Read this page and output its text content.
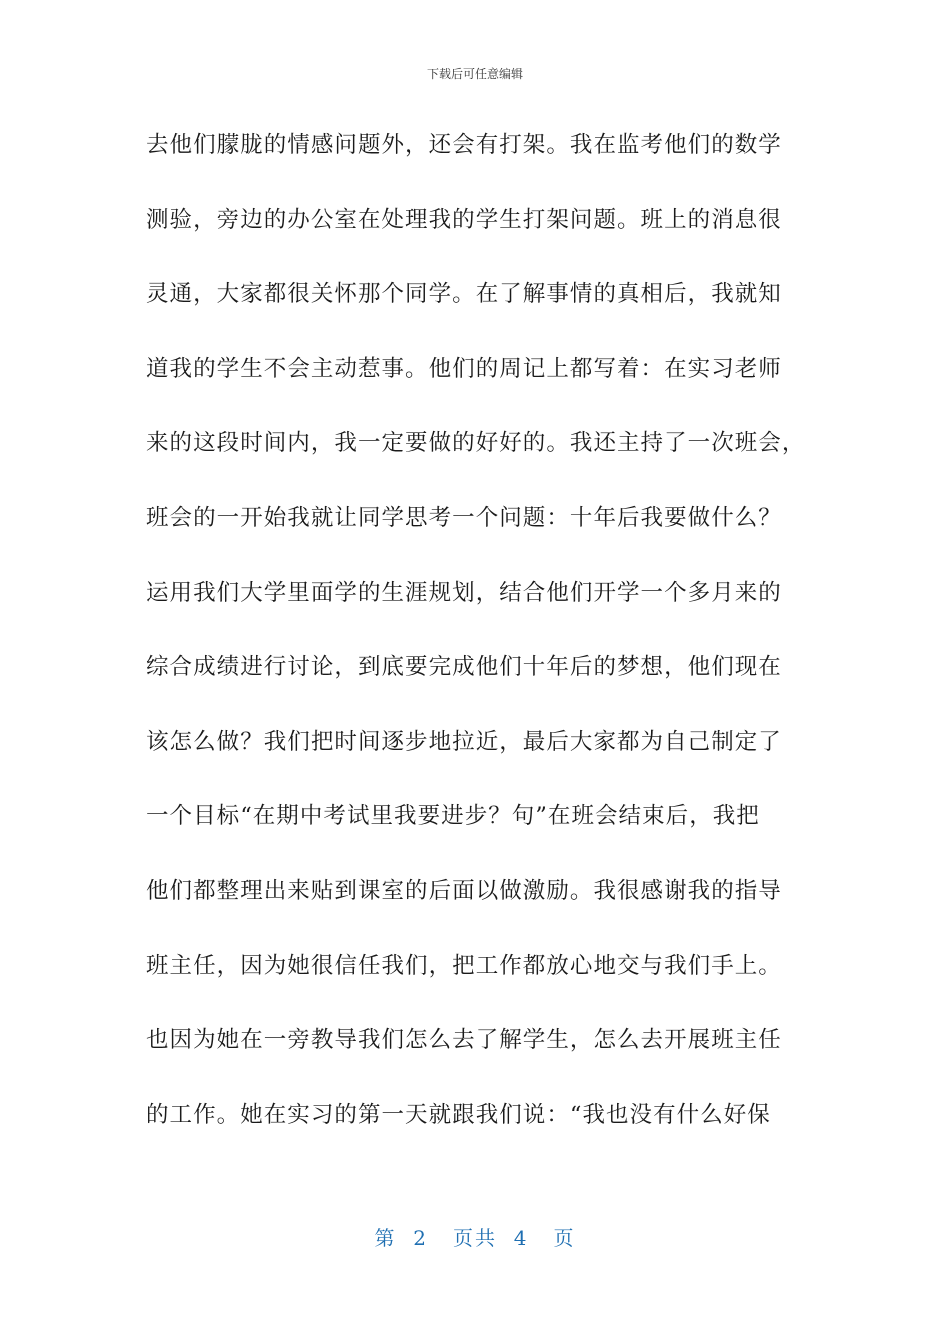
下载后可任意编辑
去他们朦胧的情感问题外，还会有打架。我在监考他们的数学
测验，旁边的办公室在处理我的学生打架问题。班上的消息很
灵通，大家都很关怀那个同学。在了解事情的真相后，我就知
道我的学生不会主动惹事。他们的周记上都写着：在实习老师
来的这段时间内，我一定要做的好好的。我还主持了一次班会，
班会的一开始我就让同学思考一个问题：十年后我要做什么？
运用我们大学里面学的生涯规划，结合他们开学一个多月来的
综合成绩进行讨论，到底要完成他们十年后的梦想，他们现在
该怎么做？我们把时间逐步地拉近，最后大家都为自己制定了
一个目标“在期中考试里我要进步？句”在班会结束后，我把
他们都整理出来贴到课室的后面以做激励。我很感谢我的指导
班主任，因为她很信任我们，把工作都放心地交与我们手上。
也因为她在一旁教导我们怎么去了解学生，怎么去开展班主任
的工作。她在实习的第一天就跟我们说：“我也没有什么好保
第  2   页共  4   页
